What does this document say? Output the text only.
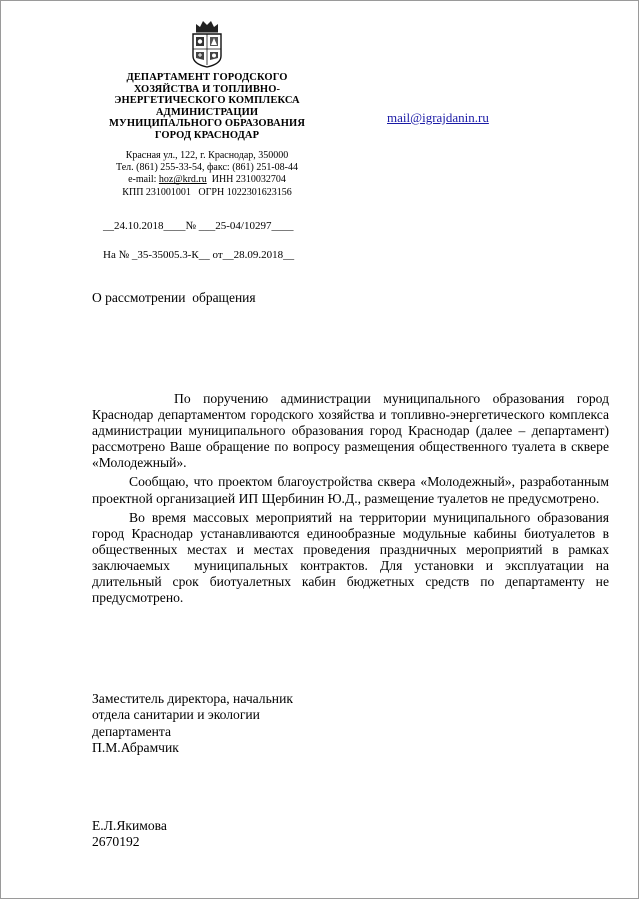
ДЕПАРТАМЕНТ ГОРОДСКОГО
ХОЗЯЙСТВА И ТОПЛИВНО-
ЭНЕРГЕТИЧЕСКОГО КОМПЛЕКСА
АДМИНИСТРАЦИИ
МУНИЦИПАЛЬНОГО ОБРАЗОВАНИЯ
ГОРОД КРАСНОДАР
Красная ул., 122, г. Краснодар, 350000
Тел. (861) 255-33-54, факс: (861) 251-08-44
e-mail: hoz@krd.ru  ИНН 2310032704
КПП 231001001   ОГРН 1022301623156
mail@igrajdanin.ru
__24.10.2018____№ ___25-04/10297____
На № _35-35005.3-К__ от__28.09.2018__
О рассмотрении  обращения

По поручению администрации муниципального образования город Краснодар департаментом городского хозяйства и топливно-энергетического комплекса администрации муниципального образования город Краснодар (далее – департамент) рассмотрено Ваше обращение по вопросу размещения общественного туалета в сквере «Молодежный».

Сообщаю, что проектом благоустройства сквера «Молодежный», разработанным проектной организацией ИП Щербинин Ю.Д., размещение туалетов не предусмотрено.

Во время массовых мероприятий на территории муниципального образования город Краснодар устанавливаются единообразные модульные кабины биотуалетов в общественных местах и местах проведения праздничных мероприятий в рамках заключаемых  муниципальных контрактов. Для установки и эксплуатации на длительный срок биотуалетных кабин бюджетных средств по департаменту не предусмотрено.

Заместитель директора, начальник
отдела санитарии и экологии
департамента
П.М.Абрамчик
Е.Л.Якимова
2670192
